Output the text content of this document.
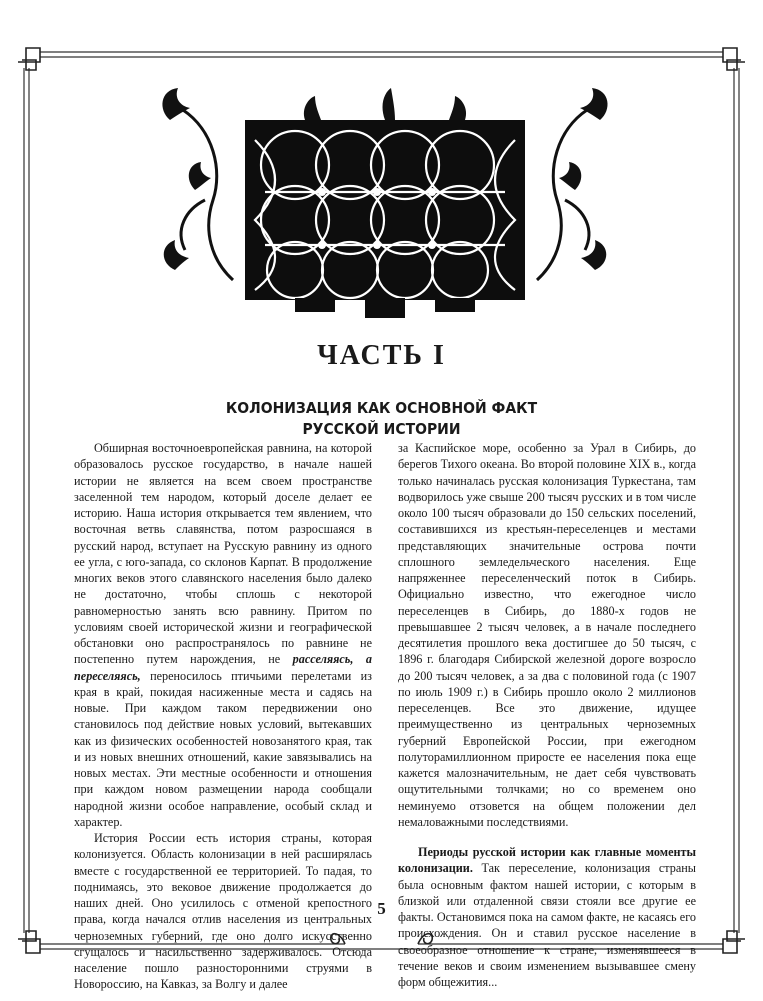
ЧАСТЬ I
КОЛОНИЗАЦИЯ КАК ОСНОВНОЙ ФАКТ
РУССКОЙ ИСТОРИИ

Обширная восточноевропейская равнина, на которой образовалось русское государство, в начале нашей истории не является на всем своем пространстве заселенной тем народом, который доселе делает ее историю. Наша история открывается тем явлением, что восточная ветвь славянства, потом разросшаяся в русский народ, вступает на Русскую равнину из одного ее угла, с юго-запада, со склонов Карпат. В продолжение многих веков этого славянского населения было далеко не достаточно, чтобы сплошь с некоторой равномерностью занять всю равнину. Притом по условиям своей исторической жизни и географической обстановки оно распространялось по равнине не постепенно путем нарождения, не расселяясь, а переселяясь, переносилось птичьими перелетами из края в край, покидая насиженные места и садясь на новые. При каждом таком передвижении оно становилось под действие новых условий, вытекавших как из физических особенностей новозанятого края, так и из новых внешних отношений, какие завязывались на новых местах. Эти местные особенности и отношения при каждом новом размещении народа сообщали народной жизни особое направление, особый склад и характер.

История России есть история страны, которая колонизуется. Область колонизации в ней расширялась вместе с государственной ее территорией. То падая, то поднимаясь, это вековое движение продолжается до наших дней. Оно усилилось с отменой крепостного права, когда начался отлив населения из центральных черноземных губерний, где оно долго искусственно сгущалось и насильственно задерживалось. Отсюда население пошло разносторонними струями в Новороссию, на Кавказ, за Волгу и далее

за Каспийское море, особенно за Урал в Сибирь, до берегов Тихого океана. Во второй половине XIX в., когда только начиналась русская колонизация Туркестана, там водворилось уже свыше 200 тысяч русских и в том числе около 100 тысяч образовали до 150 сельских поселений, составившихся из крестьян-переселенцев и местами представляющих значительные острова почти сплошного земледельческого населения. Еще напряженнее переселенческий поток в Сибирь. Официально известно, что ежегодное число переселенцев в Сибирь, до 1880-х годов не превышавшее 2 тысяч человек, а в начале последнего десятилетия прошлого века достигшее до 50 тысяч, с 1896 г. благодаря Сибирской железной дороге возросло до 200 тысяч человек, а за два с половиной года (с 1907 по июль 1909 г.) в Сибирь прошло около 2 миллионов переселенцев. Все это движение, идущее преимущественно из центральных черноземных губерний Европейской России, при ежегодном полуторамиллионном приросте ее населения пока еще кажется малозначительным, не дает себя чувствовать ощутительными толчками; но со временем оно неминуемо отзовется на общем положении дел немаловажными последствиями.

Периоды русской истории как главные моменты колонизации. Так переселение, колонизация страны была основным фактом нашей истории, с которым в близкой или отдаленной связи стояли все другие ее факты. Остановимся пока на самом факте, не касаясь его происхождения. Он и ставил русское население в своеобразное отношение к стране, изменявшееся в течение веков и своим изменением вызывавшее смену форм общежития...

5
